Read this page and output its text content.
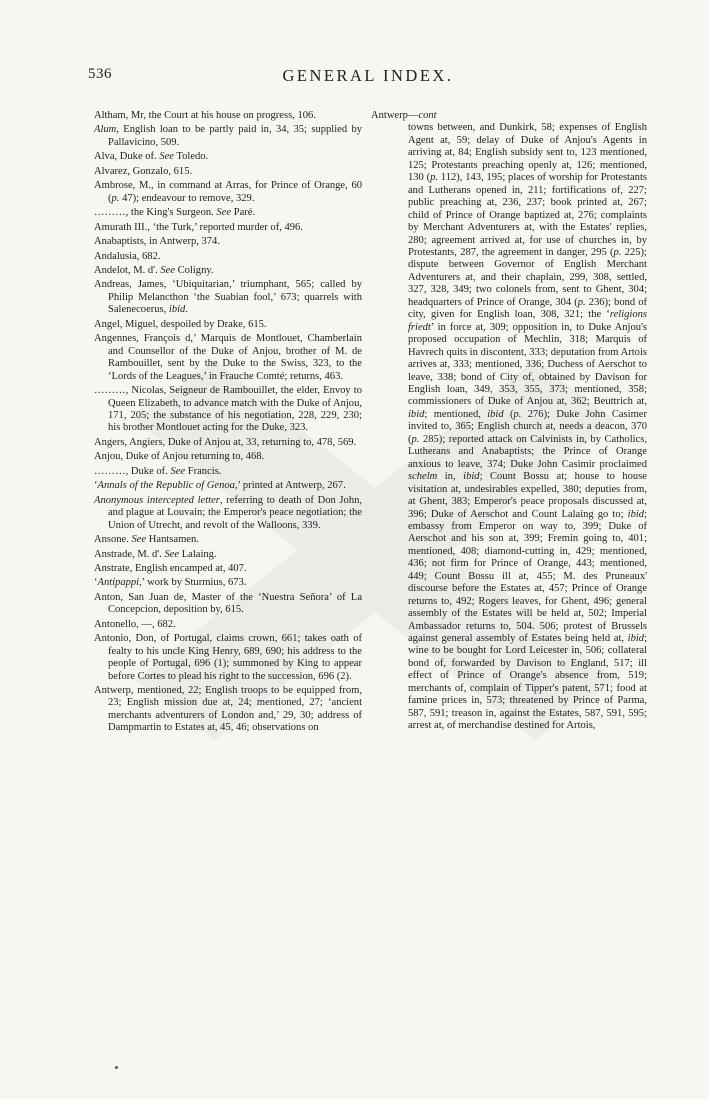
536	GENERAL INDEX.

Altham, Mr, the Court at his house on progress, 106.

Alum, English loan to be partly paid in, 34, 35; supplied by Pallavicino, 509.

Alva, Duke of. See Toledo.

Alvarez, Gonzalo, 615.

Ambrose, M., in command at Arras, for Prince of Orange, 60 (p. 47); endeavour to remove, 329.

………, the King's Surgeon. See Paré.

Amurath III., ‘the Turk,’ reported murder of, 496.

Anabaptists, in Antwerp, 374.

Andalusia, 682.

Andelot, M. d'. See Coligny.

Andreas, James, ‘Ubiquitarian,’ triumphant, 565; called by Philip Melancthon ‘the Suabian fool,’ 673; quarrels with Salenecoerus, ibid.

Angel, Miguel, despoiled by Drake, 615.

Angennes, François d,’ Marquis de Montlouet, Chamberlain and Counsellor of the Duke of Anjou, brother of M. de Rambouillet, sent by the Duke to the Swiss, 323, to the ‘Lords of the Leagues,’ in Frauche Comté; returns, 463.

………, Nicolas, Seigneur de Rambouillet, the elder, Envoy to Queen Elizabeth, to advance match with the Duke of Anjou, 171, 205; the substance of his negotiation, 228, 229, 230; his brother Montlouet acting for the Duke, 323.

Angers, Angiers, Duke of Anjou at, 33, returning to, 478, 569.

Anjou, Duke of Anjou returning to, 468.

………, Duke of. See Francis.

‘Annals of the Republic of Genoa,’ printed at Antwerp, 267.

Anonymous intercepted letter, referring to death of Don John, and plague at Louvain; the Emperor's peace negotiation; the Union of Utrecht, and revolt of the Walloons, 339.

Ansone. See Hantsamen.

Anstrade, M. d'. See Lalaing.

Anstrate, English encamped at, 407.

‘Antipappi,’ work by Sturmius, 673.

Anton, San Juan de, Master of the ‘Nuestra Señora’ of La Concepcion, deposition by, 615.

Antonello, —, 682.

Antonio, Don, of Portugal, claims crown, 661; takes oath of fealty to his uncle King Henry, 689, 690; his address to the people of Portugal, 696 (1); summoned by King to appear before Cortes to plead his right to the succession, 696 (2).

Antwerp, mentioned, 22; English troops to be equipped from, 23; English mission due at, 24; mentioned, 27; ‘ancient merchants adventurers of London and,’ 29, 30; address of Dampmartin to Estates at, 45, 46; observations on

Antwerp—cont

towns between, and Dunkirk, 58; expenses of English Agent at, 59; delay of Duke of Anjou's Agents in arriving at, 84; English subsidy sent to, 123 mentioned, 125; Protestants preaching openly at, 126; mentioned, 130 (p. 112), 143, 195; places of worship for Protestants and Lutherans opened in, 211; fortifications of, 227; public preaching at, 236, 237; book printed at, 267; child of Prince of Orange baptized at, 276; complaints by Merchant Adventurers at, with the Estates' replies, 280; agreement arrived at, for use of churches in, by Protestants, 287, the agreement in danger, 295 (p. 225); dispute between Governor of English Merchant Adventurers at, and their chaplain, 299, 308, settled, 327, 328, 349; two colonels from, sent to Ghent, 304; headquarters of Prince of Orange, 304 (p. 236); bond of city, given for English loan, 308, 321; the ‘religions friedt’ in force at, 309; opposition in, to Duke Anjou's proposed occupation of Mechlin, 318; Marquis of Havrech quits in discontent, 333; deputation from Artois arrives at, 333; mentioned, 336; Duchess of Aerschot to leave, 338; bond of City of, obtained by Davison for English loan, 349, 353, 355, 373; mentioned, 358; commissioners of Duke of Anjou at, 362; Beuttrich at, ibid; mentioned, ibid (p. 276); Duke John Casimer invited to, 365; English church at, needs a deacon, 370 (p. 285); reported attack on Calvinists in, by Catholics, Lutherans and Anabaptists; the Prince of Orange anxious to leave, 374; Duke John Casimir proclaimed schelm in, ibid; Count Bossu at; house to house visitation at, undesirables expelled, 380; deputies from, at Ghent, 383; Emperor's peace proposals discussed at, 396; Duke of Aerschot and Count Lalaing go to; ibid; embassy from Emperor on way to, 399; Duke of Aerschot and his son at, 399; Fremin going to, 401; mentioned, 408; diamond-cutting in, 429; mentioned, 436; not firm for Prince of Orange, 443; mentioned, 449; Count Bossu ill at, 455; M. des Pruneaux' discourse before the Estates at, 457; Prince of Orange returns to, 492; Rogers leaves, for Ghent, 496; general assembly of the Estates will be held at, 502; Imperial Ambassador returns to, 504. 506; protest of Brussels against general assembly of Estates being held at, ibid; wine to be bought for Lord Leicester in, 506; collateral bond of, forwarded by Davison to England, 517; ill effect of Prince of Orange's absence from, 519; merchants of, complain of Tipper's patent, 571; food at famine prices in, 573; threatened by Prince of Parma, 587, 591; treason in, against the Estates, 587, 591, 595; arrest at, of merchandise destined for Artois,
